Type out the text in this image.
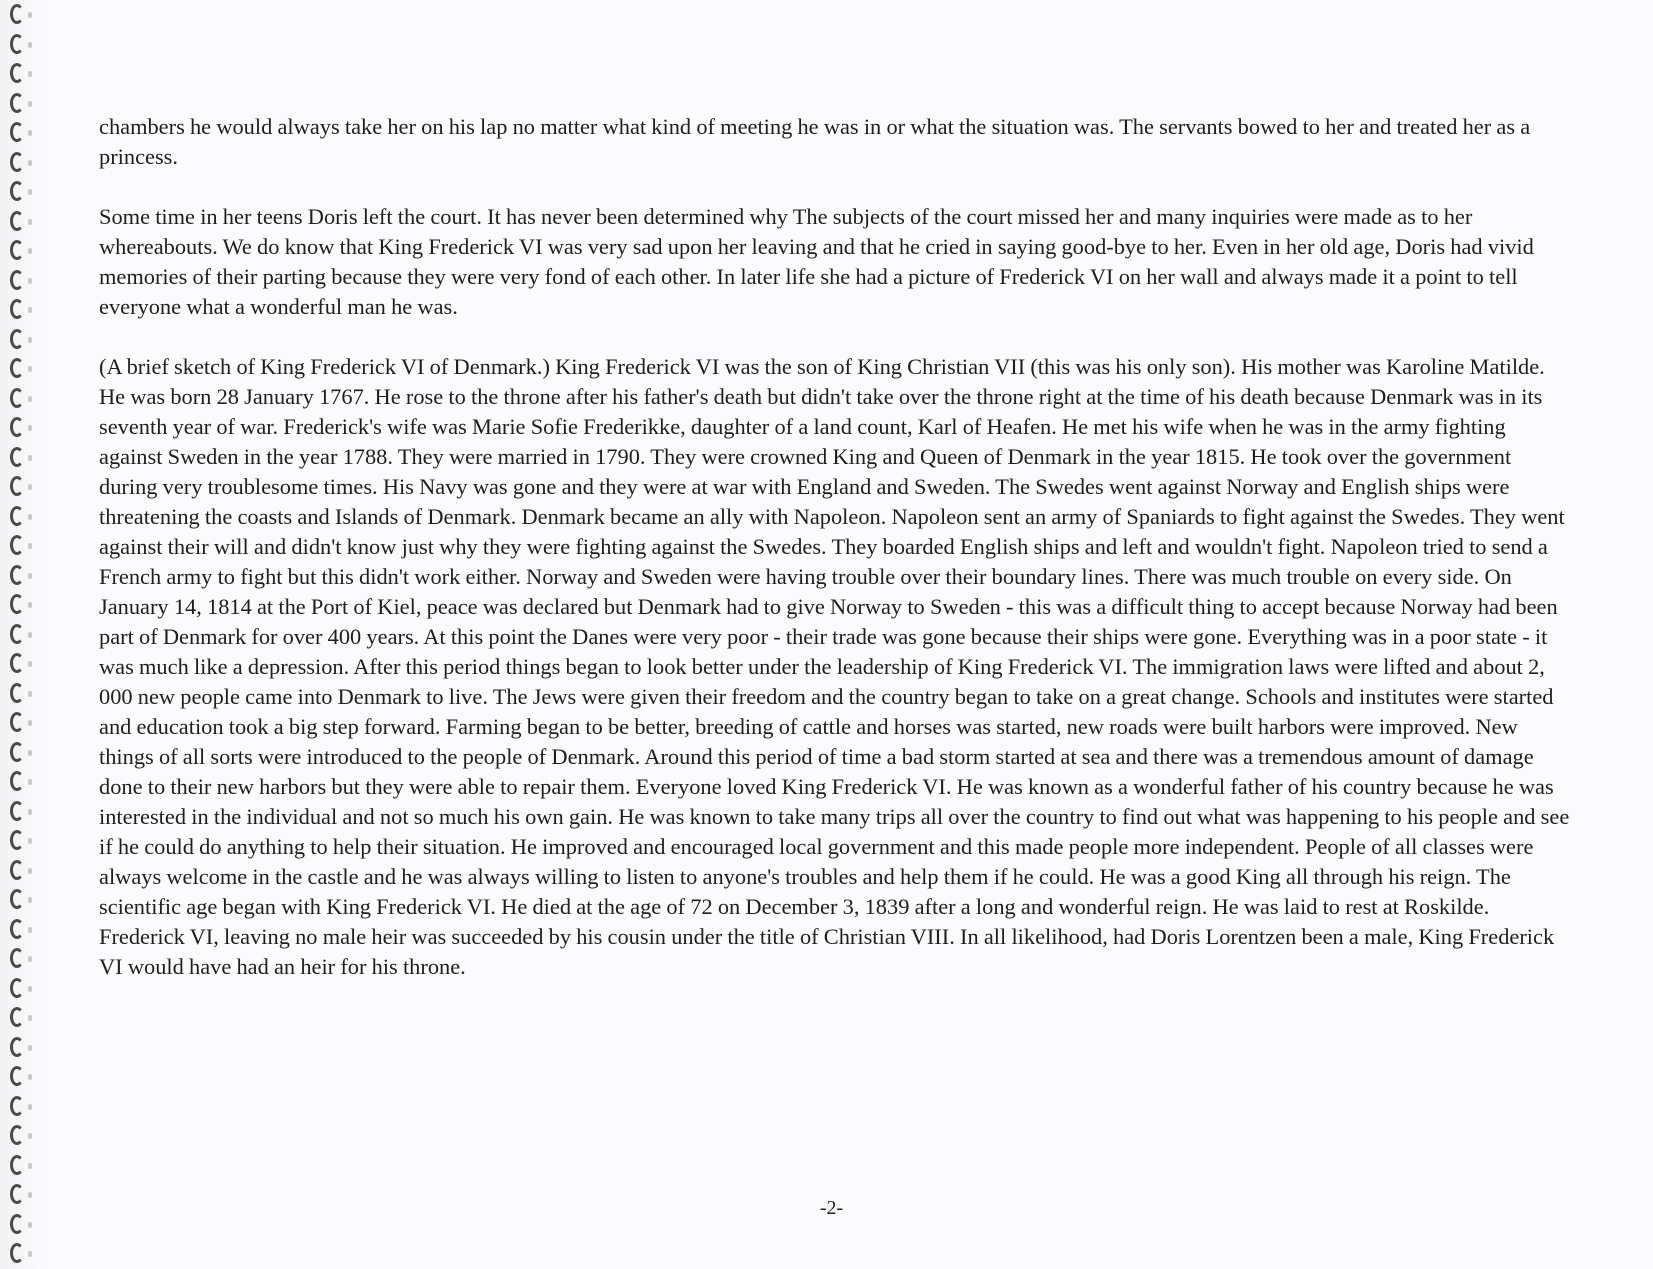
chambers he would always take her on his lap no matter what kind of meeting he was in or what the situation was. The servants bowed to her and treated her as a princess.

Some time in her teens Doris left the court. It has never been determined why The subjects of the court missed her and many inquiries were made as to her whereabouts. We do know that King Frederick VI was very sad upon her leaving and that he cried in saying good-bye to her. Even in her old age, Doris had vivid memories of their parting because they were very fond of each other. In later life she had a picture of Frederick VI on her wall and always made it a point to tell everyone what a wonderful man he was.

(A brief sketch of King Frederick VI of Denmark.) King Frederick VI was the son of King Christian VII (this was his only son). His mother was Karoline Matilde. He was born 28 January 1767. He rose to the throne after his father's death but didn't take over the throne right at the time of his death because Denmark was in its seventh year of war. Frederick's wife was Marie Sofie Frederikke, daughter of a land count, Karl of Heafen. He met his wife when he was in the army fighting against Sweden in the year 1788. They were married in 1790. They were crowned King and Queen of Denmark in the year 1815. He took over the government during very troublesome times. His Navy was gone and they were at war with England and Sweden. The Swedes went against Norway and English ships were threatening the coasts and Islands of Denmark. Denmark became an ally with Napoleon. Napoleon sent an army of Spaniards to fight against the Swedes. They went against their will and didn't know just why they were fighting against the Swedes. They boarded English ships and left and wouldn't fight. Napoleon tried to send a French army to fight but this didn't work either. Norway and Sweden were having trouble over their boundary lines. There was much trouble on every side. On January 14, 1814 at the Port of Kiel, peace was declared but Denmark had to give Norway to Sweden - this was a difficult thing to accept because Norway had been part of Denmark for over 400 years. At this point the Danes were very poor - their trade was gone because their ships were gone. Everything was in a poor state - it was much like a depression. After this period things began to look better under the leadership of King Frederick VI. The immigration laws were lifted and about 2, 000 new people came into Denmark to live. The Jews were given their freedom and the country began to take on a great change. Schools and institutes were started and education took a big step forward. Farming began to be better, breeding of cattle and horses was started, new roads were built harbors were improved. New things of all sorts were introduced to the people of Denmark. Around this period of time a bad storm started at sea and there was a tremendous amount of damage done to their new harbors but they were able to repair them. Everyone loved King Frederick VI. He was known as a wonderful father of his country because he was interested in the individual and not so much his own gain. He was known to take many trips all over the country to find out what was happening to his people and see if he could do anything to help their situation. He improved and encouraged local government and this made people more independent. People of all classes were always welcome in the castle and he was always willing to listen to anyone's troubles and help them if he could. He was a good King all through his reign. The scientific age began with King Frederick VI. He died at the age of 72 on December 3, 1839 after a long and wonderful reign. He was laid to rest at Roskilde. Frederick VI, leaving no male heir was succeeded by his cousin under the title of Christian VIII. In all likelihood, had Doris Lorentzen been a male, King Frederick VI would have had an heir for his throne.

-2-
